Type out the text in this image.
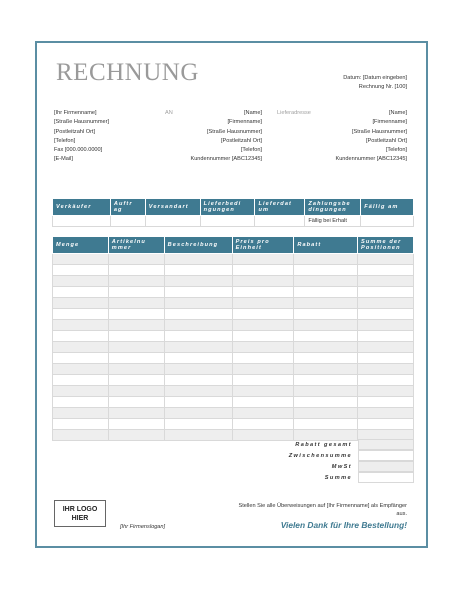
RECHNUNG	Datum: [Datum eingeben]
Rechnung Nr. [100]
[Ihr Firmenname]
[Straße Hausnummer]
[Postleitzahl Ort]
[Telefon]
Fax [000.000.0000]
[E-Mail]
AN	[Name]
[Firmenname]
[Straße Hausnummer]
[Postleitzahl Ort]
[Telefon]
Kundennummer [ABC12345]
Lieferadresse	[Name]
[Firmenname]
[Straße Hausnummer]
[Postleitzahl Ort]
[Telefon]
Kundennummer [ABC12345]
Verkäufer	Auftr ag	Versandart	Lieferbedi ngungen	Lieferdat um	Zahlungsbe dingungen	Fällig am
					Fällig bei Erhalt	
Menge	Artikelnu mmer	Beschreibung	Preis pro Einheit	Rabatt	Summe der Positionen

Rabatt gesamt
Zwischensumme
MwSt
Summe
IHR LOGO HIER
[Ihr Firmenslogan]
Stellen Sie alle Überweisungen auf [Ihr Firmenname] als Empfänger aus.
Vielen Dank für Ihre Bestellung!
